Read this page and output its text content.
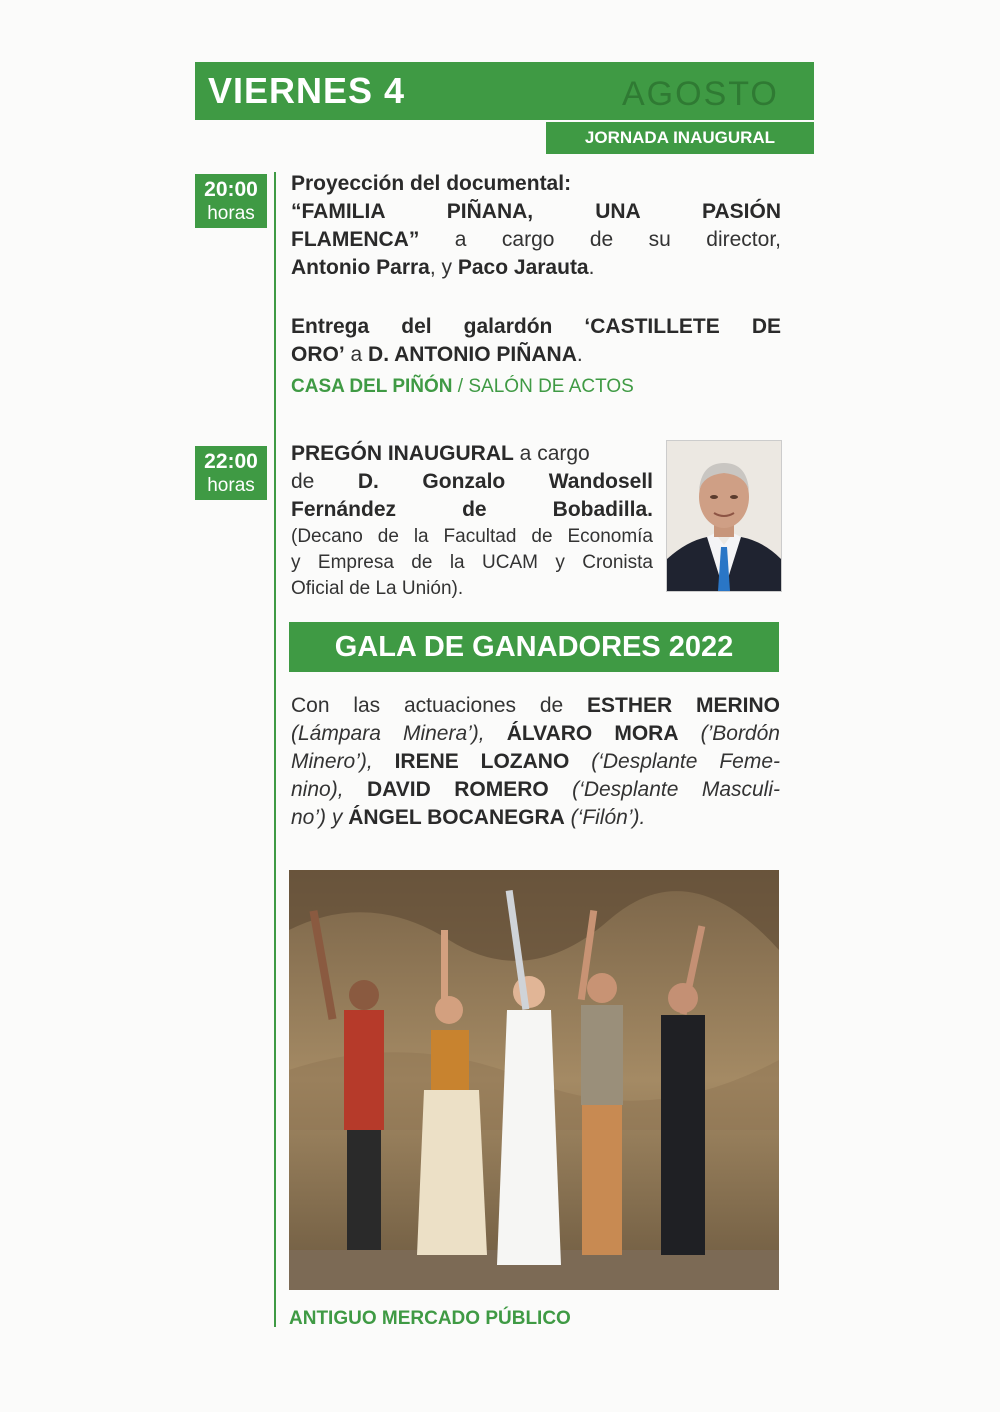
VIERNES 4	AGOSTO
JORNADA INAUGURAL
20:00
horas
Proyección del documental:
“FAMILIA PIÑANA, UNA PASIÓN
FLAMENCA” a cargo de su director,
Antonio Parra, y Paco Jarauta.
Entrega del galardón ‘CASTILLETE DE
ORO’ a D. ANTONIO PIÑANA.
CASA DEL PIÑÓN / SALÓN DE ACTOS
22:00
horas
PREGÓN INAUGURAL a cargo
de D. Gonzalo Wandosell
Fernández de Bobadilla.
(Decano de la Facultad de Economía
y Empresa de la UCAM y Cronista
Oficial de La Unión).
GALA DE GANADORES 2022
Con las actuaciones de ESTHER MERINO
(Lámpara Minera’), ÁLVARO MORA (’Bordón
Minero’), IRENE LOZANO (‘Desplante Feme-
nino), DAVID ROMERO (‘Desplante Masculi-
no’) y ÁNGEL BOCANEGRA (‘Filón’).
ANTIGUO MERCADO PÚBLICO
